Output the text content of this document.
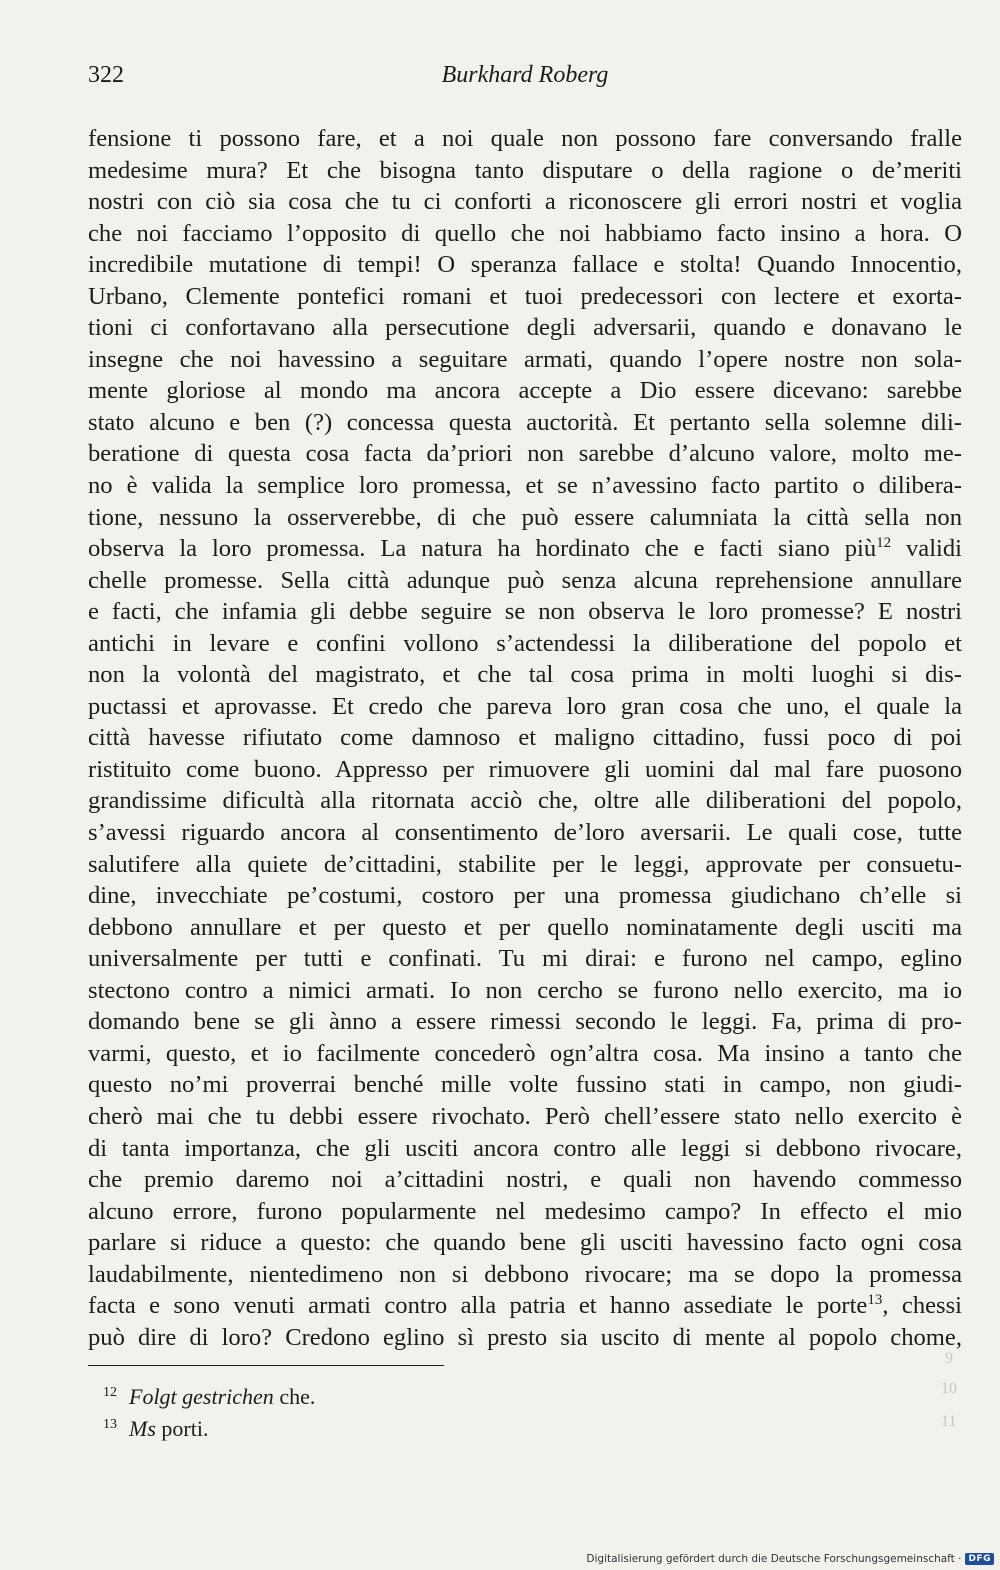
322	Burkhard Roberg
fensione ti possono fare, et a noi quale non possono fare conversando fralle
medesime mura? Et che bisogna tanto disputare o della ragione o de’meriti
nostri con ciò sia cosa che tu ci conforti a riconoscere gli errori nostri et voglia
che noi facciamo l’opposito di quello che noi habbiamo facto insino a hora. O
incredibile mutatione di tempi! O speranza fallace e stolta! Quando Innocentio,
Urbano, Clemente pontefici romani et tuoi predecessori con lectere et exorta-
tioni ci confortavano alla persecutione degli adversarii, quando e donavano le
insegne che noi havessino a seguitare armati, quando l’opere nostre non sola-
mente gloriose al mondo ma ancora accepte a Dio essere dicevano: sarebbe
stato alcuno e ben (?) concessa questa auctorità. Et pertanto sella solemne dili-
beratione di questa cosa facta da’priori non sarebbe d’alcuno valore, molto me-
no è valida la semplice loro promessa, et se n’avessino facto partito o dilibera-
tione, nessuno la osserverebbe, di che può essere calumniata la città sella non
observa la loro promessa. La natura ha hordinato che e facti siano più$^{12}$ validi
chelle promesse. Sella città adunque può senza alcuna reprehensione annullare
e facti, che infamia gli debbe seguire se non observa le loro promesse? E nostri
antichi in levare e confini vollono s’actendessi la diliberatione del popolo et
non la volontà del magistrato, et che tal cosa prima in molti luoghi si dis-
puctassi et aprovasse. Et credo che pareva loro gran cosa che uno, el quale la
città havesse rifiutato come damnoso et maligno cittadino, fussi poco di poi
ristituito come buono. Appresso per rimuovere gli uomini dal mal fare puosono
grandissime dificultà alla ritornata acciò che, oltre alle diliberationi del popolo,
s’avessi riguardo ancora al consentimento de’loro aversarii. Le quali cose, tutte
salutifere alla quiete de’cittadini, stabilite per le leggi, approvate per consuetu-
dine, invecchiate pe’costumi, costoro per una promessa giudichano ch’elle si
debbono annullare et per questo et per quello nominatamente degli usciti ma
universalmente per tutti e confinati. Tu mi dirai: e furono nel campo, eglino
stectono contro a nimici armati. Io non cercho se furono nello exercito, ma io
domando bene se gli ànno a essere rimessi secondo le leggi. Fa, prima di pro-
varmi, questo, et io facilmente concederò ogn’altra cosa. Ma insino a tanto che
questo no’mi proverrai benché mille volte fussino stati in campo, non giudi-
cherò mai che tu debbi essere rivochato. Però chell’essere stato nello exercito è
di tanta importanza, che gli usciti ancora contro alle leggi si debbono rivocare,
che premio daremo noi a’cittadini nostri, e quali non havendo commesso
alcuno errore, furono popularmente nel medesimo campo? In effecto el mio
parlare si riduce a questo: che quando bene gli usciti havessino facto ogni cosa
laudabilmente, nientedimeno non si debbono rivocare; ma se dopo la promessa
facta e sono venuti armati contro alla patria et hanno assediate le porte$^{13}$, chessi
può dire di loro? Credono eglino sì presto sia uscito di mente al popolo chome,
$^{12}$ Folgt gestrichen che.
$^{13}$ Ms porti.
9
10
11
Digitalisierung gefördert durch die Deutsche Forschungsgemeinschaft · DFG
